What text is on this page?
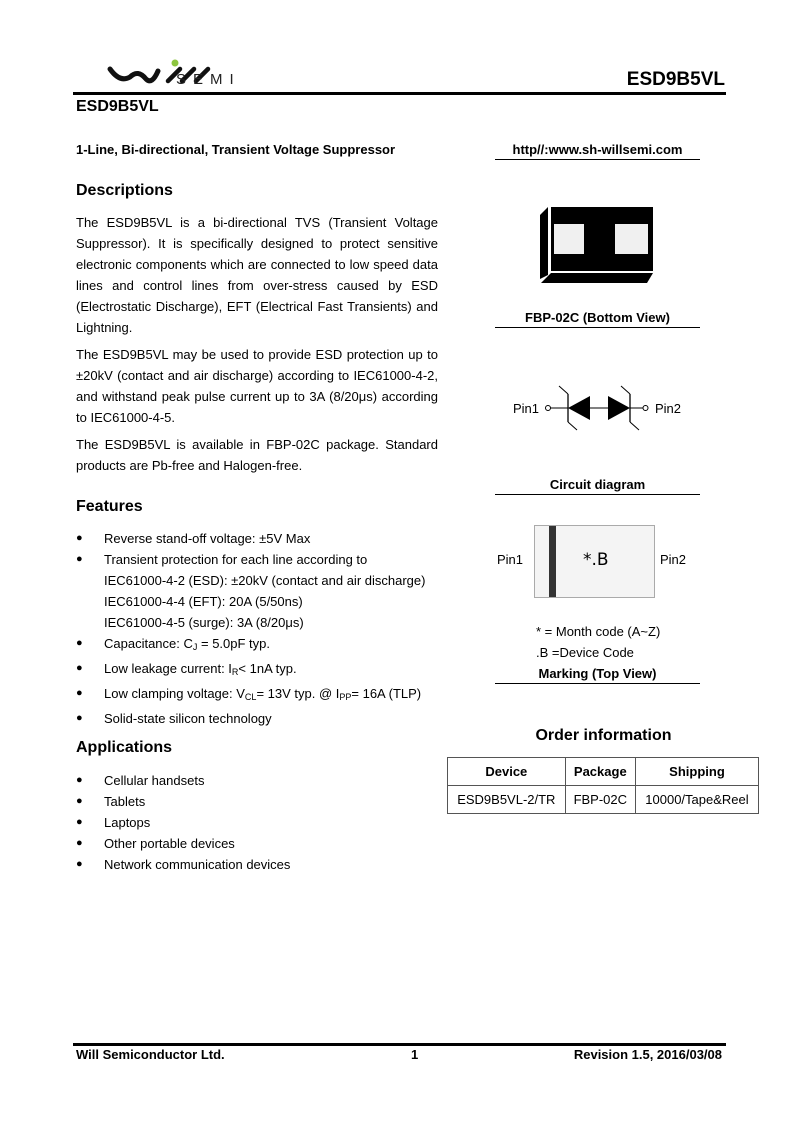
SEMI	ESD9B5VL
ESD9B5VL
1-Line, Bi-directional, Transient Voltage Suppressor
Descriptions

The ESD9B5VL is a bi-directional TVS (Transient Voltage Suppressor). It is specifically designed to protect sensitive electronic components which are connected to low speed data lines and control lines from over-stress caused by ESD (Electrostatic Discharge), EFT (Electrical Fast Transients) and Lightning.

The ESD9B5VL may be used to provide ESD protection up to ±20kV (contact and air discharge) according to IEC61000-4-2, and withstand peak pulse current up to 3A (8/20μs) according to IEC61000-4-5.

The ESD9B5VL is available in FBP-02C package. Standard products are Pb-free and Halogen-free.

Features
● Reverse stand-off voltage: ±5V Max
● Transient protection for each line according to
IEC61000-4-2 (ESD): ±20kV (contact and air discharge)
IEC61000-4-4 (EFT): 20A (5/50ns)
IEC61000-4-5 (surge): 3A (8/20μs)
● Capacitance: $C_J = 5.0pF$ typ.
● Low leakage current: $I_R< 1nA$ typ.
● Low clamping voltage: $V_{CL}= 13V$ typ. @ $I_{PP}= 16A$ (TLP)
● Solid-state silicon technology
Applications
● Cellular handsets
● Tablets
● Laptops
● Other portable devices
● Network communication devices
http//:www.sh-willsemi.com
FBP-02C (Bottom View)
Pin1	Pin2
Circuit diagram
Pin1	Pin2
*.B
* = Month code (A~Z)
.B =Device Code
Marking (Top View)
Order information
Device	Package	Shipping
ESD9B5VL-2/TR	FBP-02C	10000/Tape&Reel
Will Semiconductor Ltd.	1	Revision 1.5, 2016/03/08
